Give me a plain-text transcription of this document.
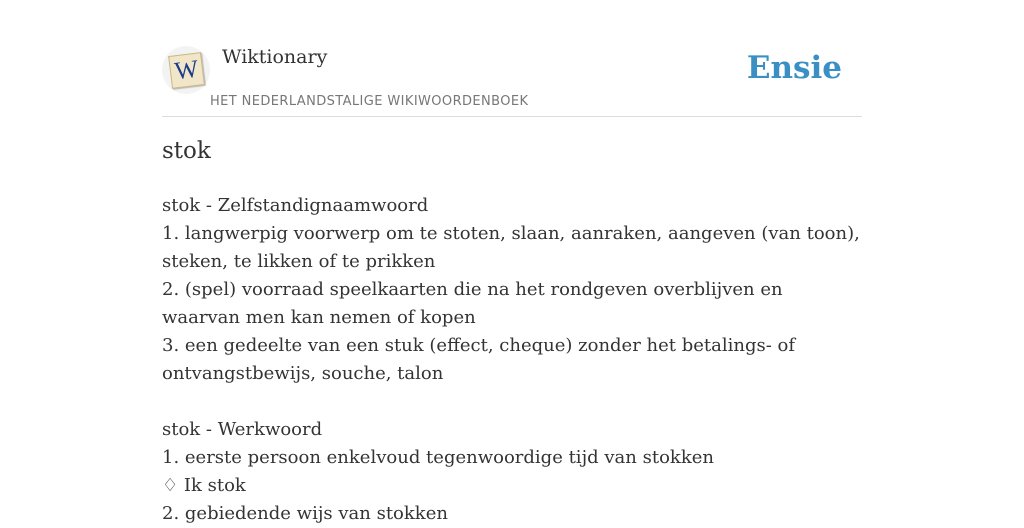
W Wiktionary
HET NEDERLANDSTALIGE WIKIWOORDENBOEK
Ensie
stok

stok - Zelfstandignaamwoord

1. langwerpig voorwerp om te stoten, slaan, aanraken, aangeven (van toon), steken, te likken of te prikken

2. (spel) voorraad speelkaarten die na het rondgeven overblijven en waarvan men kan nemen of kopen

3. een gedeelte van een stuk (effect, cheque) zonder het betalings- of ontvangstbewijs, souche, talon

stok - Werkwoord

1. eerste persoon enkelvoud tegenwoordige tijd van stokken

♢ Ik stok

2. gebiedende wijs van stokken
